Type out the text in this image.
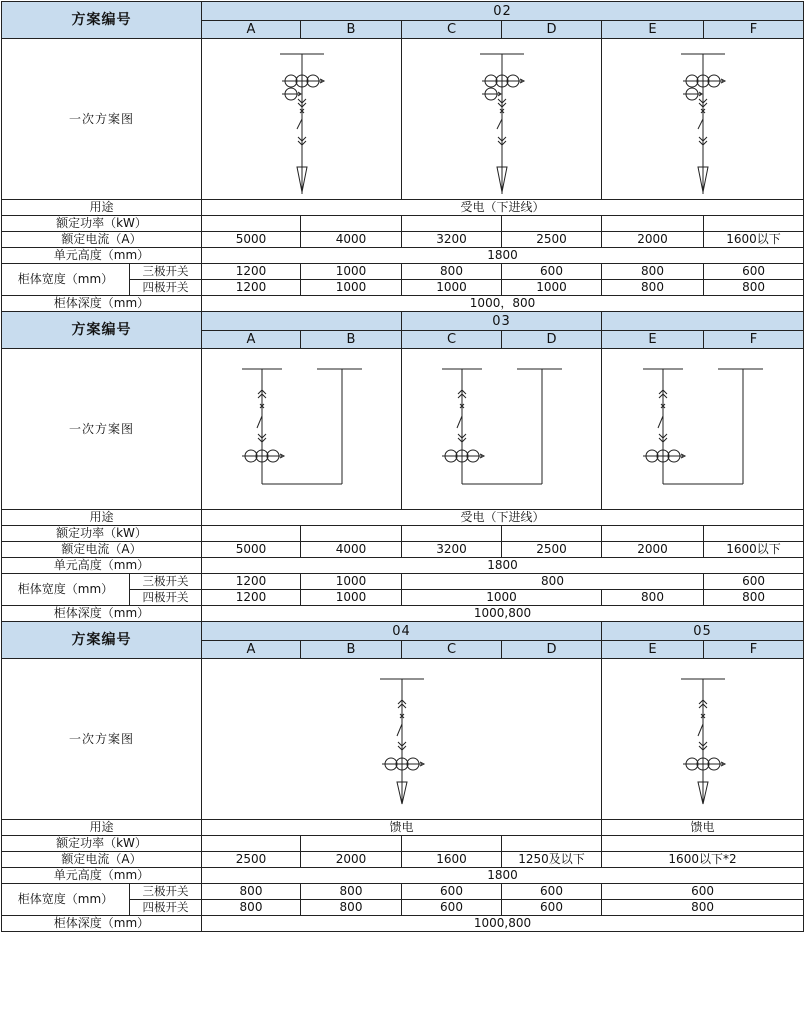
方案编号		02					
		A	B	C	D	E	F
一次方案图	

用途		受电（下进线）					
额定功率（kW）							
额定电流（A）		5000	4000	3200	2500	2000	1600以下
单元高度（mm）		1800					
柜体宽度（mm）	三极开关	1200	1000	800	600	800	600
	四极开关	1200	1000	1000	1000	800	800
柜体深度（mm）		1000，800					
方案编号				03			
		A	B	C	D	E	F
一次方案图	

用途		受电（下进线）					
额定功率（kW）							
额定电流（A）		5000	4000	3200	2500	2000	1600以下
单元高度（mm）		1800					
柜体宽度（mm）	三极开关	1200	1000	800			600
	四极开关	1200	1000	1000		800	800
柜体深度（mm）		1000,800					
方案编号		04				05	
		A	B	C	D	E	F
一次方案图	

用途		馈电				馈电	
额定功率（kW）							
额定电流（A）		2500	2000	1600	1250及以下	1600以下*2	
单元高度（mm）		1800					
柜体宽度（mm）	三极开关	800	800	600	600	600	
	四极开关	800	800	600	600	800	
柜体深度（mm）		1000,800					
